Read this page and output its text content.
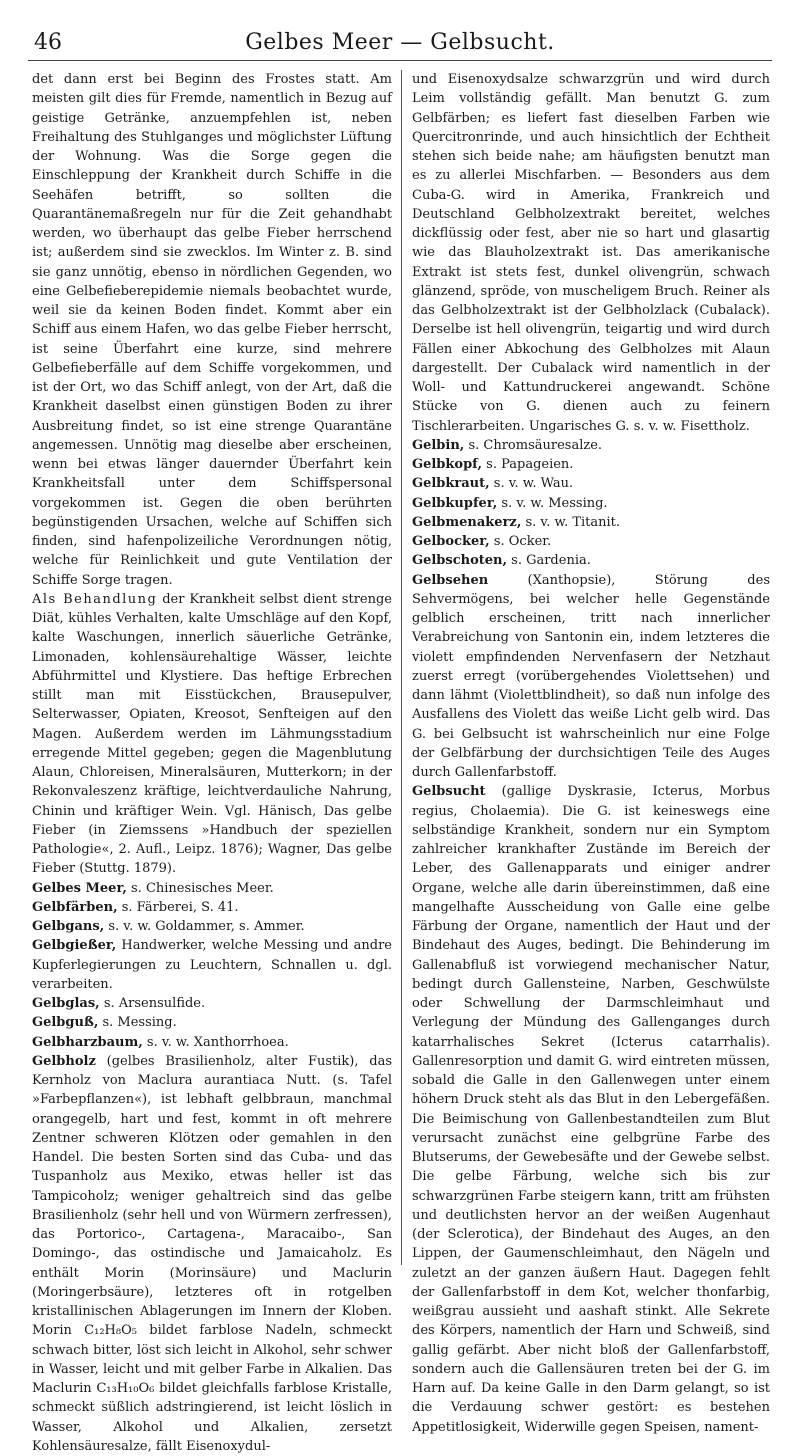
46	Gelbes Meer — Gelbsucht.

det dann erst bei Beginn des Frostes statt. Am meisten gilt dies für Fremde, namentlich in Bezug auf geistige Getränke, anzuempfehlen ist, neben Freihaltung des Stuhlganges und möglichster Lüftung der Wohnung. Was die Sorge gegen die Einschleppung der Krankheit durch Schiffe in die Seehäfen betrifft, so sollten die Quarantänemaßregeln nur für die Zeit gehandhabt werden, wo überhaupt das gelbe Fieber herrschend ist; außerdem sind sie zwecklos. Im Winter z. B. sind sie ganz unnötig, ebenso in nördlichen Gegenden, wo eine Gelbefieberepidemie niemals beobachtet wurde, weil sie da keinen Boden findet. Kommt aber ein Schiff aus einem Hafen, wo das gelbe Fieber herrscht, ist seine Überfahrt eine kurze, sind mehrere Gelbefieberfälle auf dem Schiffe vorgekommen, und ist der Ort, wo das Schiff anlegt, von der Art, daß die Krankheit daselbst einen günstigen Boden zu ihrer Ausbreitung findet, so ist eine strenge Quarantäne angemessen. Unnötig mag dieselbe aber erscheinen, wenn bei etwas länger dauernder Überfahrt kein Krankheitsfall unter dem Schiffspersonal vorgekommen ist. Gegen die oben berührten begünstigenden Ursachen, welche auf Schiffen sich finden, sind hafenpolizeiliche Verordnungen nötig, welche für Reinlichkeit und gute Ventilation der Schiffe Sorge tragen.

Als Behandlung der Krankheit selbst dient strenge Diät, kühles Verhalten, kalte Umschläge auf den Kopf, kalte Waschungen, innerlich säuerliche Getränke, Limonaden, kohlensäurehaltige Wässer, leichte Abführmittel und Klystiere. Das heftige Erbrechen stillt man mit Eisstückchen, Brausepulver, Selterwasser, Opiaten, Kreosot, Senfteigen auf den Magen. Außerdem werden im Lähmungsstadium erregende Mittel gegeben; gegen die Magenblutung Alaun, Chloreisen, Mineralsäuren, Mutterkorn; in der Rekonvaleszenz kräftige, leichtverdauliche Nahrung, Chinin und kräftiger Wein. Vgl. Hänisch, Das gelbe Fieber (in Ziemssens »Handbuch der speziellen Pathologie«, 2. Aufl., Leipz. 1876); Wagner, Das gelbe Fieber (Stuttg. 1879).

Gelbes Meer, s. Chinesisches Meer.

Gelbfärben, s. Färberei, S. 41.

Gelbgans, s. v. w. Goldammer, s. Ammer.

Gelbgießer, Handwerker, welche Messing und andre Kupferlegierungen zu Leuchtern, Schnallen u. dgl. verarbeiten.

Gelbglas, s. Arsensulfide.

Gelbguß, s. Messing.

Gelbharzbaum, s. v. w. Xanthorrhoea.

Gelbholz (gelbes Brasilienholz, alter Fustik), das Kernholz von Maclura aurantiaca Nutt. (s. Tafel »Farbepflanzen«), ist lebhaft gelbbraun, manchmal orangegelb, hart und fest, kommt in oft mehrere Zentner schweren Klötzen oder gemahlen in den Handel. Die besten Sorten sind das Cuba- und das Tuspanholz aus Mexiko, etwas heller ist das Tampicoholz; weniger gehaltreich sind das gelbe Brasilienholz (sehr hell und von Würmern zerfressen), das Portorico-, Cartagena-, Maracaibo-, San Domingo-, das ostindische und Jamaicaholz. Es enthält Morin (Morinsäure) und Maclurin (Moringerbsäure), letzteres oft in rotgelben kristallinischen Ablagerungen im Innern der Kloben. Morin C₁₂H₈O₅ bildet farblose Nadeln, schmeckt schwach bitter, löst sich leicht in Alkohol, sehr schwer in Wasser, leicht und mit gelber Farbe in Alkalien. Das Maclurin C₁₃H₁₀O₆ bildet gleichfalls farblose Kristalle, schmeckt süßlich adstringierend, ist leicht löslich in Wasser, Alkohol und Alkalien, zersetzt Kohlensäuresalze, fällt Eisenoxydul-

und Eisenoxydsalze schwarzgrün und wird durch Leim vollständig gefällt. Man benutzt G. zum Gelbfärben; es liefert fast dieselben Farben wie Quercitronrinde, und auch hinsichtlich der Echtheit stehen sich beide nahe; am häufigsten benutzt man es zu allerlei Mischfarben. — Besonders aus dem Cuba-G. wird in Amerika, Frankreich und Deutschland Gelbholzextrakt bereitet, welches dickflüssig oder fest, aber nie so hart und glasartig wie das Blauholzextrakt ist. Das amerikanische Extrakt ist stets fest, dunkel olivengrün, schwach glänzend, spröde, von muscheligem Bruch. Reiner als das Gelbholzextrakt ist der Gelbholzlack (Cubalack). Derselbe ist hell olivengrün, teigartig und wird durch Fällen einer Abkochung des Gelbholzes mit Alaun dargestellt. Der Cubalack wird namentlich in der Woll- und Kattundruckerei angewandt. Schöne Stücke von G. dienen auch zu feinern Tischlerarbeiten. Ungarisches G. s. v. w. Fisettholz.

Gelbin, s. Chromsäuresalze.

Gelbkopf, s. Papageien.

Gelbkraut, s. v. w. Wau.

Gelbkupfer, s. v. w. Messing.

Gelbmenakerz, s. v. w. Titanit.

Gelbocker, s. Ocker.

Gelbschoten, s. Gardenia.

Gelbsehen (Xanthopsie), Störung des Sehvermögens, bei welcher helle Gegenstände gelblich erscheinen, tritt nach innerlicher Verabreichung von Santonin ein, indem letzteres die violett empfindenden Nervenfasern der Netzhaut zuerst erregt (vorübergehendes Violettsehen) und dann lähmt (Violettblindheit), so daß nun infolge des Ausfallens des Violett das weiße Licht gelb wird. Das G. bei Gelbsucht ist wahrscheinlich nur eine Folge der Gelbfärbung der durchsichtigen Teile des Auges durch Gallenfarbstoff.

Gelbsucht (gallige Dyskrasie, Icterus, Morbus regius, Cholaemia). Die G. ist keineswegs eine selbständige Krankheit, sondern nur ein Symptom zahlreicher krankhafter Zustände im Bereich der Leber, des Gallenapparats und einiger andrer Organe, welche alle darin übereinstimmen, daß eine mangelhafte Ausscheidung von Galle eine gelbe Färbung der Organe, namentlich der Haut und der Bindehaut des Auges, bedingt. Die Behinderung im Gallenabfluß ist vorwiegend mechanischer Natur, bedingt durch Gallensteine, Narben, Geschwülste oder Schwellung der Darmschleimhaut und Verlegung der Mündung des Gallenganges durch katarrhalisches Sekret (Icterus catarrhalis). Gallenresorption und damit G. wird eintreten müssen, sobald die Galle in den Gallenwegen unter einem höhern Druck steht als das Blut in den Lebergefäßen. Die Beimischung von Gallenbestandteilen zum Blut verursacht zunächst eine gelbgrüne Farbe des Blutserums, der Gewebesäfte und der Gewebe selbst. Die gelbe Färbung, welche sich bis zur schwarzgrünen Farbe steigern kann, tritt am frühsten und deutlichsten hervor an der weißen Augenhaut (der Sclerotica), der Bindehaut des Auges, an den Lippen, der Gaumenschleimhaut, den Nägeln und zuletzt an der ganzen äußern Haut. Dagegen fehlt der Gallenfarbstoff in dem Kot, welcher thonfarbig, weißgrau aussieht und aashaft stinkt. Alle Sekrete des Körpers, namentlich der Harn und Schweiß, sind gallig gefärbt. Aber nicht bloß der Gallenfarbstoff, sondern auch die Gallensäuren treten bei der G. im Harn auf. Da keine Galle in den Darm gelangt, so ist die Verdauung schwer gestört: es bestehen Appetitlosigkeit, Widerwille gegen Speisen, nament-
